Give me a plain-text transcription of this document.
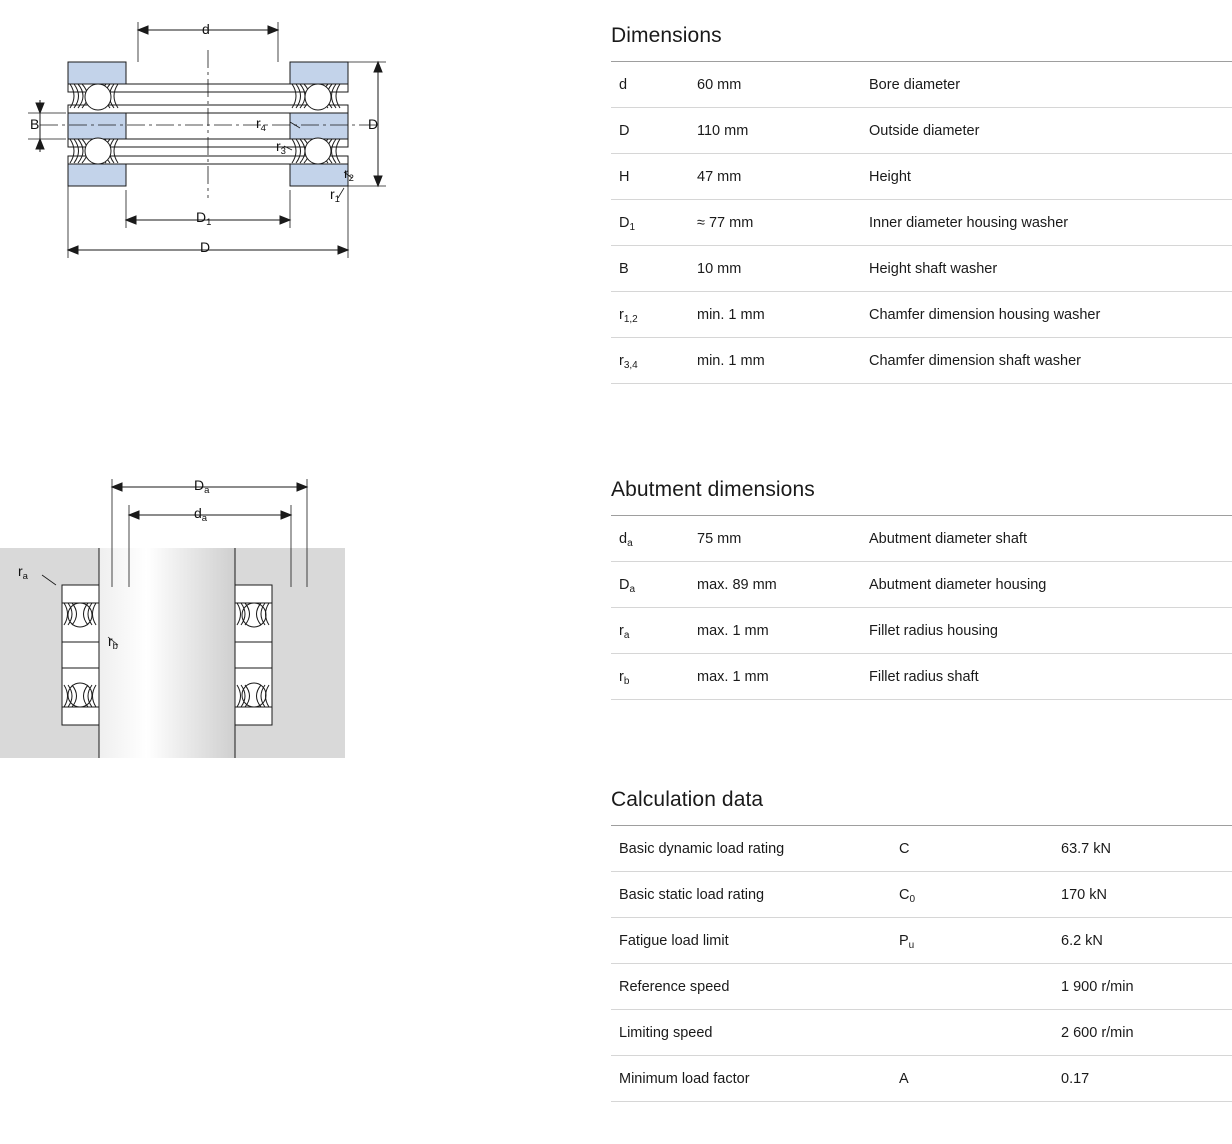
d
D
B
$D_1$
D
$r_1$
$r_2$
$r_3$
$r_4$
$D_a$
$d_a$
$r_a$
$r_b$
Dimensions
d	60 mm	Bore diameter
D	110 mm	Outside diameter
H	47 mm	Height
$D_1$	≈ 77 mm	Inner diameter housing washer
B	10 mm	Height shaft washer
$r_{1,2}$	min. 1 mm	Chamfer dimension housing washer
$r_{3,4}$	min. 1 mm	Chamfer dimension shaft washer
Abutment dimensions
$d_a$	75 mm	Abutment diameter shaft
$D_a$	max. 89 mm	Abutment diameter housing
$r_a$	max. 1 mm	Fillet radius housing
$r_b$	max. 1 mm	Fillet radius shaft
Calculation data
Basic dynamic load rating	C	63.7 kN
Basic static load rating	$C_0$	170 kN
Fatigue load limit	$P_u$	6.2 kN
Reference speed		1 900 r/min
Limiting speed		2 600 r/min
Minimum load factor	A	0.17
